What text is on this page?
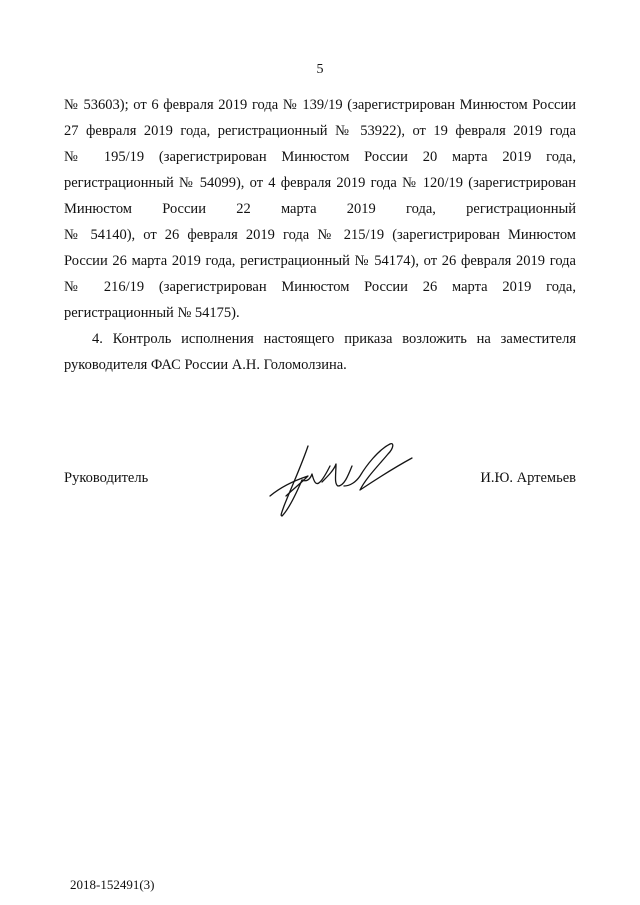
5
№ 53603); от 6 февраля 2019 года № 139/19 (зарегистрирован Минюстом России
27 февраля 2019 года, регистрационный № 53922), от 19 февраля 2019 года
№ 195/19 (зарегистрирован Минюстом России 20 марта 2019 года,
регистрационный № 54099), от 4 февраля 2019 года № 120/19 (зарегистрирован
Минюстом России 22 марта 2019 года, регистрационный
№ 54140), от 26 февраля 2019 года № 215/19 (зарегистрирован Минюстом
России 26 марта 2019 года, регистрационный № 54174), от 26 февраля 2019 года
№ 216/19 (зарегистрирован Минюстом России 26 марта 2019 года,
регистрационный № 54175).
4. Контроль исполнения настоящего приказа возложить на заместителя
руководителя ФАС России А.Н. Голомолзина.
Руководитель	И.Ю. Артемьев
2018-152491(3)
